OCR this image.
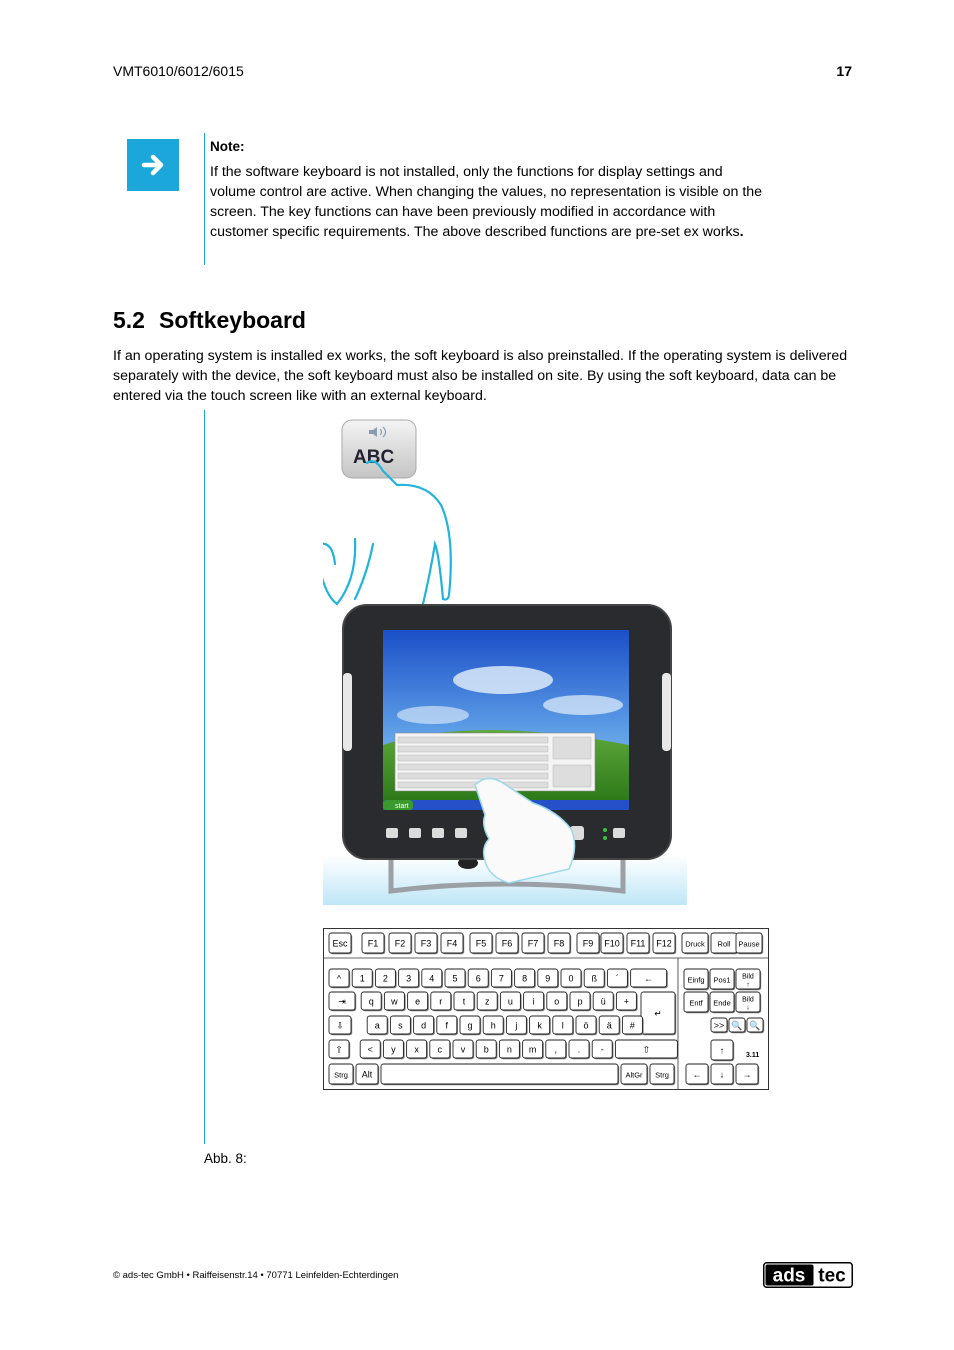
VMT6010/6012/6015	17
Note:
If the software keyboard is not installed, only the functions for display settings and volume control are active. When changing the values, no representation is visible on the screen. The key functions can have been previously modified in accordance with customer specific requirements. The above described functions are pre-set ex works.
5.2 Softkeyboard
If an operating system is installed ex works, the soft keyboard is also preinstalled. If the operating system is delivered separately with the device, the soft keyboard must also be installed on site. By using the soft keyboard, data can be entered via the touch screen like with an external keyboard.
ABC
start
Esc F1 F2 F3 F4 F5 F6 F7 F8 F9 F10 F11 F12 Druck Roll Pause
^ 1 2 3 4 5 6 7 8 9 0 ß ´	←
⇥	q w e r t z u i o p ü +
↵
⇩	a s d f g h j k l ö ä #
⇧	< y x c v b n m , . -	⇧
Strg Alt	AltGr Strg
Einfg Pos1 Bild
↑
Entf Ende Bild
↓
>> 🔍 🔍
↑	3.11
← ↓ →
Abb. 8:
© ads-tec GmbH • Raiffeisenstr.14 • 70771 Leinfelden-Echterdingen	ads tec
